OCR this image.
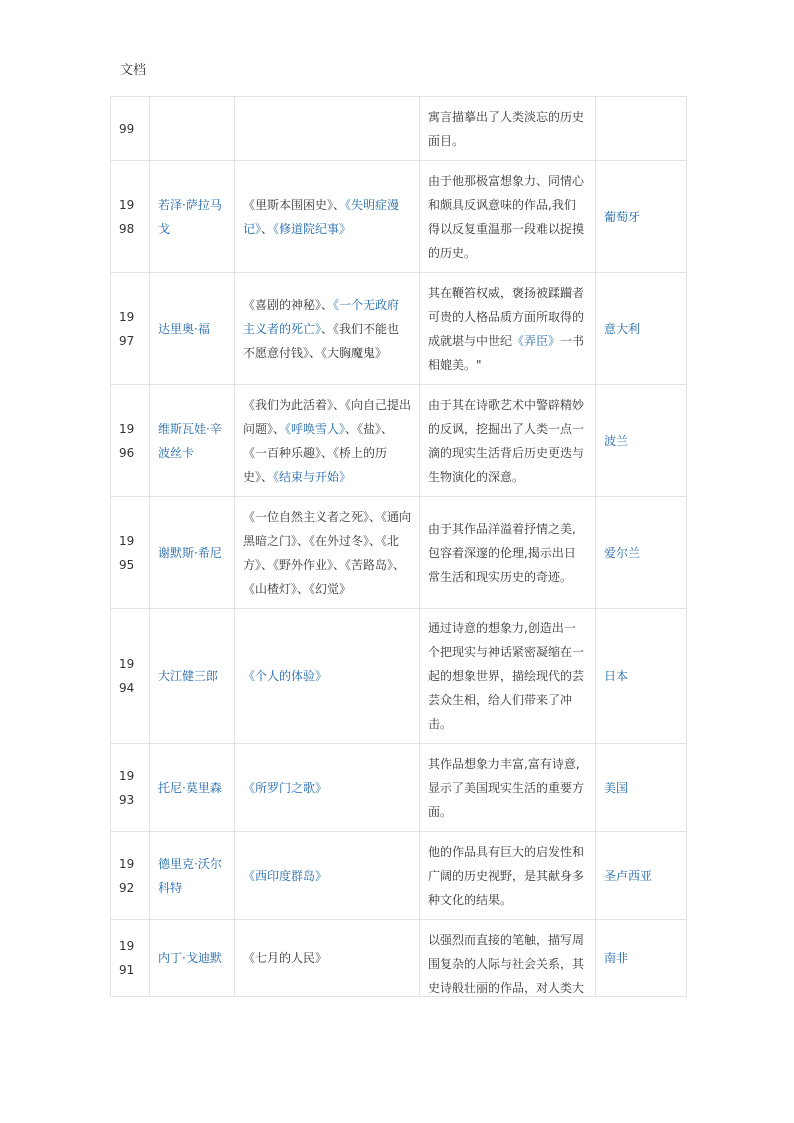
文档
99			寓言描摹出了人类淡忘的历史面目。	
1998	若泽·萨拉马戈	《里斯本围困史》、《失明症漫记》、《修道院纪事》	由于他那极富想象力、同情心和颇具反讽意味的作品,我们得以反复重温那一段难以捉摸的历史。	葡萄牙
1997	达里奥·福	《喜剧的神秘》、《一个无政府主义者的死亡》、《我们不能也不愿意付钱》、《大胸魔鬼》	其在鞭笞权威，褒扬被蹂躏者可贵的人格品质方面所取得的成就堪与中世纪《弄臣》一书相媲美。"	意大利
1996	维斯瓦娃·辛波丝卡	《我们为此活着》、《向自己提出问题》、《呼唤雪人》、《盐》、《一百种乐趣》、《桥上的历史》、《结束与开始》	由于其在诗歌艺术中警辟精妙的反讽，挖掘出了人类一点一滴的现实生活背后历史更迭与生物演化的深意。	波兰
1995	谢默斯·希尼	《一位自然主义者之死》、《通向黑暗之门》、《在外过冬》、《北方》、《野外作业》、《苦路岛》、《山楂灯》、《幻觉》	由于其作品洋溢着抒情之美,包容着深邃的伦理,揭示出日常生活和现实历史的奇迹。	爱尔兰
1994	大江健三郎	《个人的体验》	通过诗意的想象力,创造出一个把现实与神话紧密凝缩在一起的想象世界，描绘现代的芸芸众生相，给人们带来了冲击。	日本
1993	托尼·莫里森	《所罗门之歌》	其作品想象力丰富,富有诗意,显示了美国现实生活的重要方面。	美国
1992	德里克·沃尔科特	《西印度群岛》	他的作品具有巨大的启发性和广阔的历史视野，是其献身多种文化的结果。	圣卢西亚
1991	内丁·戈迪默	《七月的人民》	以强烈而直接的笔触，描写周围复杂的人际与社会关系，其史诗般壮丽的作品，对人类大	南非
